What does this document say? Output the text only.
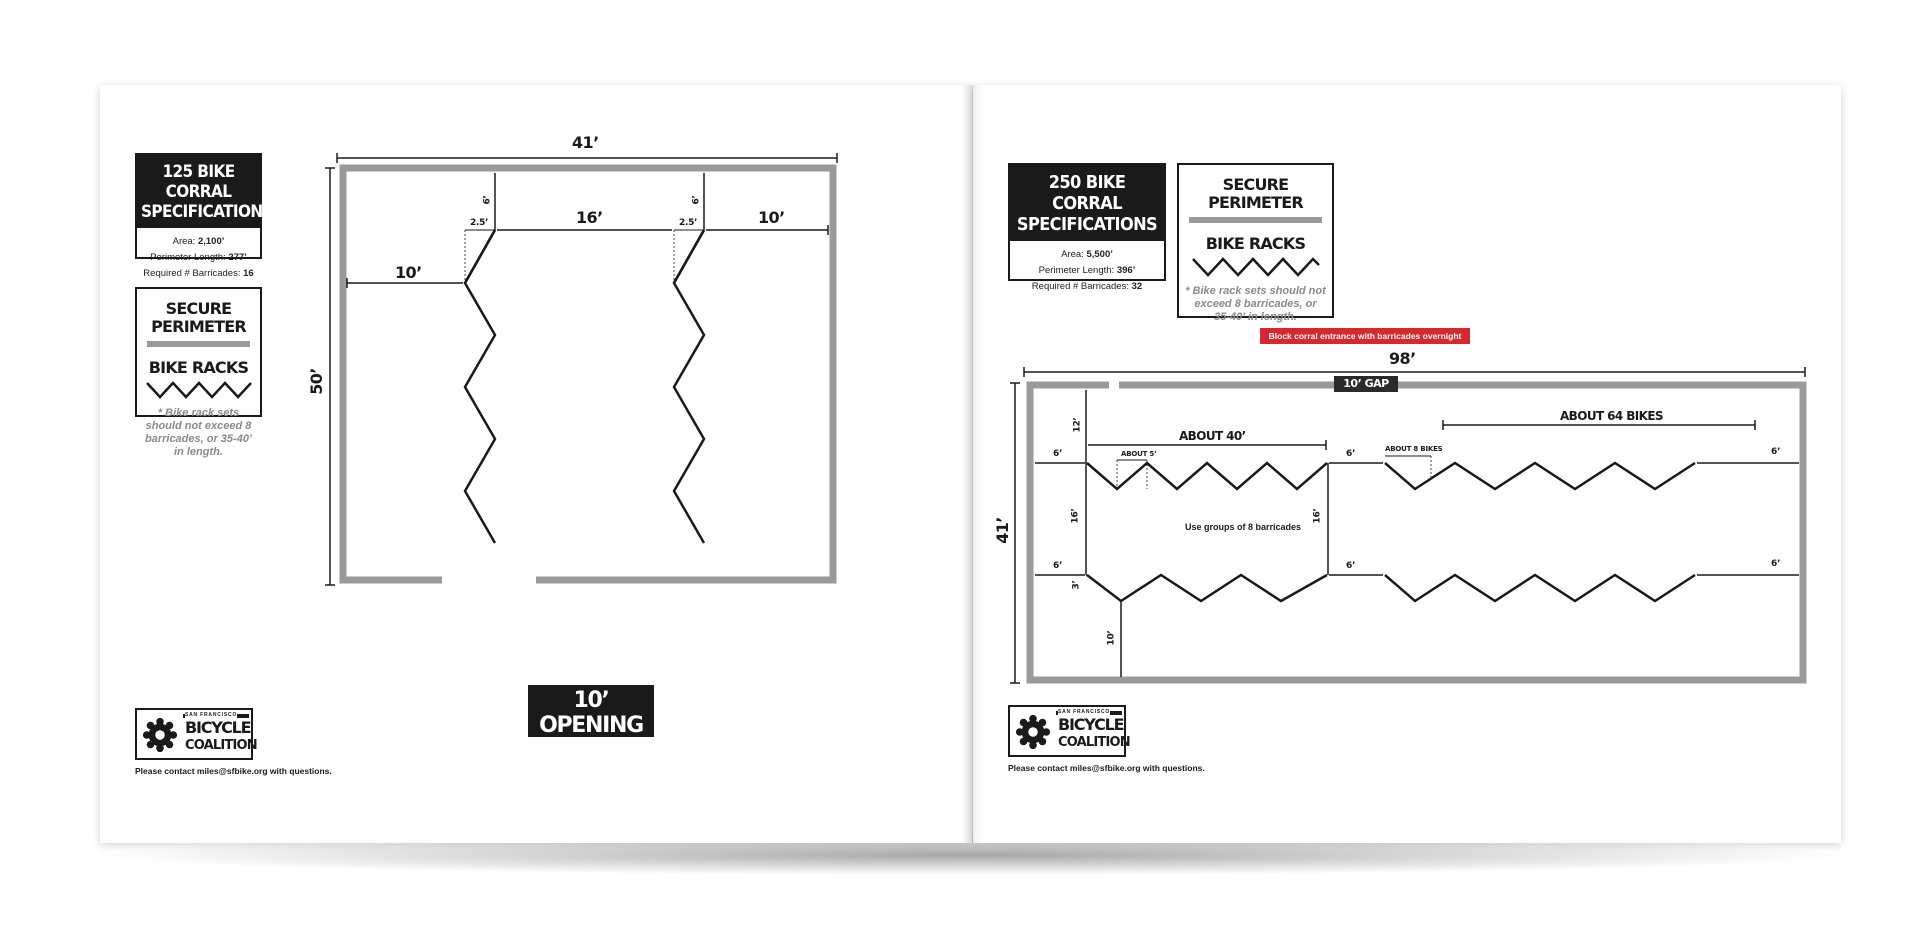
125 BIKE CORRAL
SPECIFICATIONS
Area: 2,100’
Perimeter Length: 277’
Required # Barricades: 16
SECURE PERIMETER
BIKE RACKS
* Bike rack sets should not exceed 8 barricades, or 35-40’ in length.
41’
50’
10’
16’	10’
2.5’	2.5’
6’	6’
10’ OPENING
FACING STREET
SAN FRANCISCO
BICYCLE
COALITION
Please contact miles@sfbike.org with questions.
250 BIKE CORRAL
SPECIFICATIONS
Area: 5,500’
Perimeter Length: 396’
Required # Barricades: 32
SECURE PERIMETER
BIKE RACKS
* Bike rack sets should not exceed 8 barricades, or 35-40’ in length.
Block corral entrance with barricades overnight
98’
10’ GAP
41’
12’
ABOUT 40’
ABOUT 5’
ABOUT 64 BIKES
ABOUT 8 BIKES
6’	6’	6’
6’	6’	6’
16’	16’
3’
10’
Use groups of 8 barricades
SAN FRANCISCO
BICYCLE
COALITION
Please contact miles@sfbike.org with questions.
